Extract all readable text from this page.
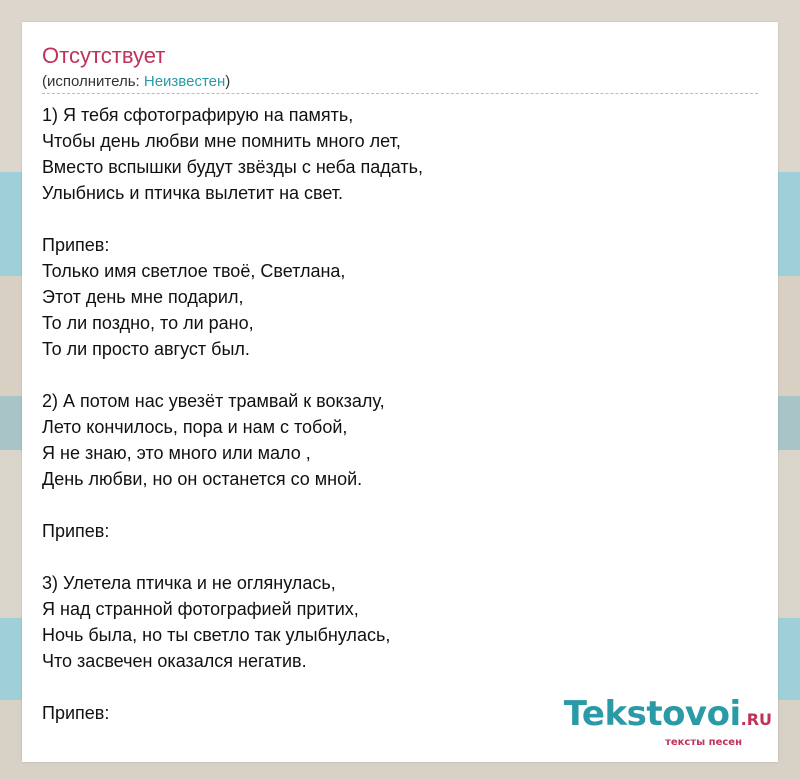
Отсутствует
(исполнитель: Неизвестен)
1) Я тебя сфотографирую на память,
Чтобы день любви мне помнить много лет,
Вместо вспышки будут звёзды с неба падать,
Улыбнись и птичка вылетит на свет.
Припев:
Только имя светлое твоё, Светлана,
Этот день мне подарил,
То ли поздно, то ли рано,
То ли просто август был.
2) А потом нас увезёт трамвай к вокзалу,
Лето кончилось, пора и нам с тобой,
Я не знаю, это много или мало ,
День любви, но он останется со мной.
Припев:
3) Улетела птичка и не оглянулась,
Я над странной фотографией притих,
Ночь была, но ты светло так улыбнулась,
Что засвечен оказался негатив.
Припев:	Tekstovoi.RU
тексты песен
